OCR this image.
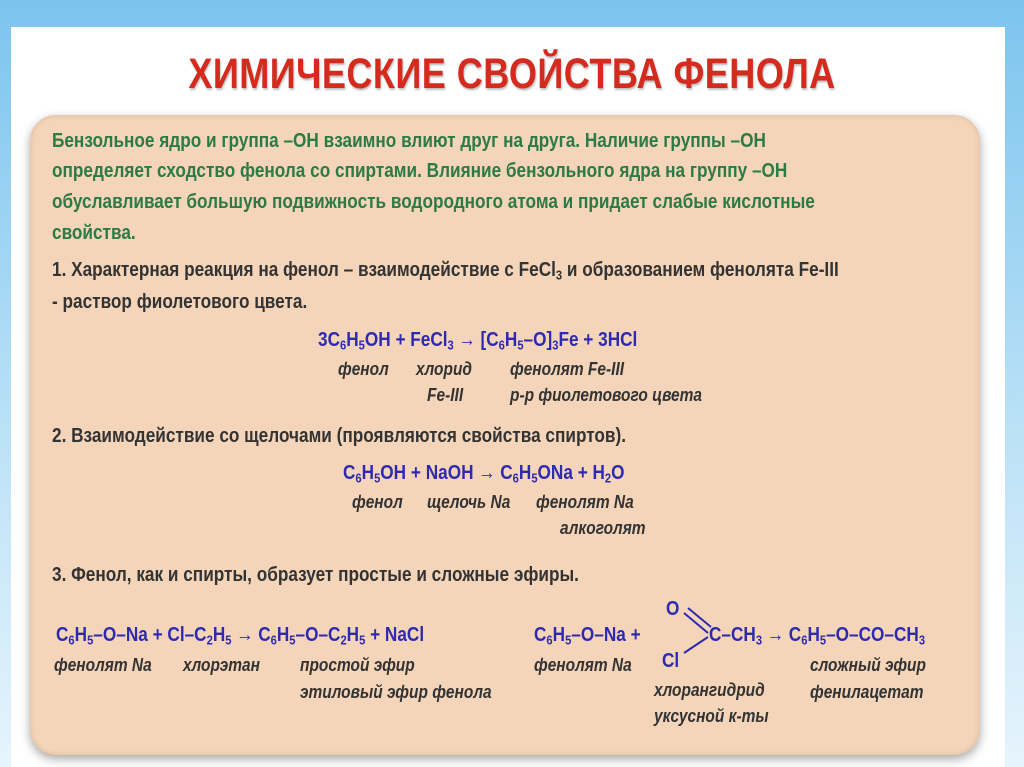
ХИМИЧЕСКИЕ СВОЙСТВА ФЕНОЛА
Бензольное ядро и группа –ОН взаимно влиют друг на друга. Наличие группы –ОН
определяет сходство фенола со спиртами. Влияние бензольного ядра на группу –ОН
обуславливает большую подвижность водородного атома и придает слабые кислотные
свойства.
1. Характерная реакция на фенол – взаимодействие с FeCl$_3$ и образованием фенолята Fe-III
- раствор фиолетового цвета.
$3C_6H_5OH$ + FeCl$_3$ → $[C_6H_5-O]_3Fe + 3HCl$
фенол хлорид фенолят Fe-III
Fe-III	р-р фиолетового цвета
2. Взаимодействие со щелочами (проявляются свойства спиртов).
$C_6H_5OH$ + NaOH → $C_6H_5ONa + H_2O$
фенол щелочь Na фенолят Na
алкоголят
3. Фенол, как и спирты, образует простые и сложные эфиры.
$C_6H_5-O-Na + Cl-C_2H_5 \to C_6H_5-O-C_2H_5$ + NaCl
фенолят Na хлорэтан простой эфир
этиловый эфир фенола
$C_6H_5-O-Na$ +
O
Cl
$C-CH_3 \to C_6H_5-O-CO-CH_3$
фенолят Na
хлорангидрид
уксусной к-ты
сложный эфир
фенилацетат
